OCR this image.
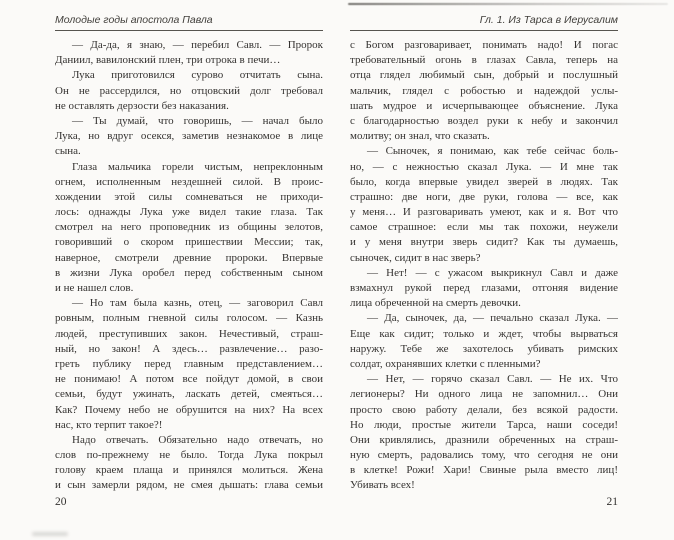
Молодые годы апостола Павла
— Да-да, я знаю, — перебил Савл. — Пророк
Даниил, вавилонский плен, три отрока в печи…
Лука приготовился сурово отчитать сына.
Он не рассердился, но отцовский долг требовал
не оставлять дерзости без наказания.
— Ты думай, что говоришь, — начал было
Лука, но вдруг осекся, заметив незнакомое в лице
сына.
Глаза мальчика горели чистым, непреклонным
огнем, исполненным нездешней силой. В проис-
хождении этой силы сомневаться не приходи-
лось: однажды Лука уже видел такие глаза. Так
смотрел на него проповедник из общины зелотов,
говоривший о скором пришествии Мессии; так,
наверное, смотрели древние пророки. Впервые
в жизни Лука оробел перед собственным сыном
и не нашел слов.
— Но там была казнь, отец, — заговорил Савл
ровным, полным гневной силы голосом. — Казнь
людей, преступивших закон. Нечестивый, страш-
ный, но закон! А здесь… развлечение… разо-
греть публику перед главным представлением…
не понимаю! А потом все пойдут домой, в свои
семьи, будут ужинать, ласкать детей, смеяться…
Как? Почему небо не обрушится на них? На всех
нас, кто терпит такое?!
Надо отвечать. Обязательно надо отвечать, но
слов по-прежнему не было. Тогда Лука покрыл
голову краем плаща и принялся молиться. Жена
и сын замерли рядом, не смея дышать: глава семьи
20
Гл. 1. Из Тарса в Иерусалим
с Богом разговаривает, понимать надо! И погас
требовательный огонь в глазах Савла, теперь на
отца глядел любимый сын, добрый и послушный
мальчик, глядел с робостью и надеждой услы-
шать мудрое и исчерпывающее объяснение. Лука
с благодарностью воздел руки к небу и закончил
молитву; он знал, что сказать.
— Сыночек, я понимаю, как тебе сейчас боль-
но, — с нежностью сказал Лука. — И мне так
было, когда впервые увидел зверей в людях. Так
страшно: две ноги, две руки, голова — все, как
у меня… И разговаривать умеют, как и я. Вот что
самое страшное: если мы так похожи, неужели
и у меня внутри зверь сидит? Как ты думаешь,
сыночек, сидит в нас зверь?
— Нет! — с ужасом выкрикнул Савл и даже
взмахнул рукой перед глазами, отгоняя видение
лица обреченной на смерть девочки.
— Да, сыночек, да, — печально сказал Лука. —
Еще как сидит; только и ждет, чтобы вырваться
наружу. Тебе же захотелось убивать римских
солдат, охранявших клетки с пленными?
— Нет, — горячо сказал Савл. — Не их. Что
легионеры? Ни одного лица не запомнил… Они
просто свою работу делали, без всякой радости.
Но люди, простые жители Тарса, наши соседи!
Они кривлялись, дразнили обреченных на страш-
ную смерть, радовались тому, что сегодня не они
в клетке! Рожи! Хари! Свиные рыла вместо лиц!
Убивать всех!
21
